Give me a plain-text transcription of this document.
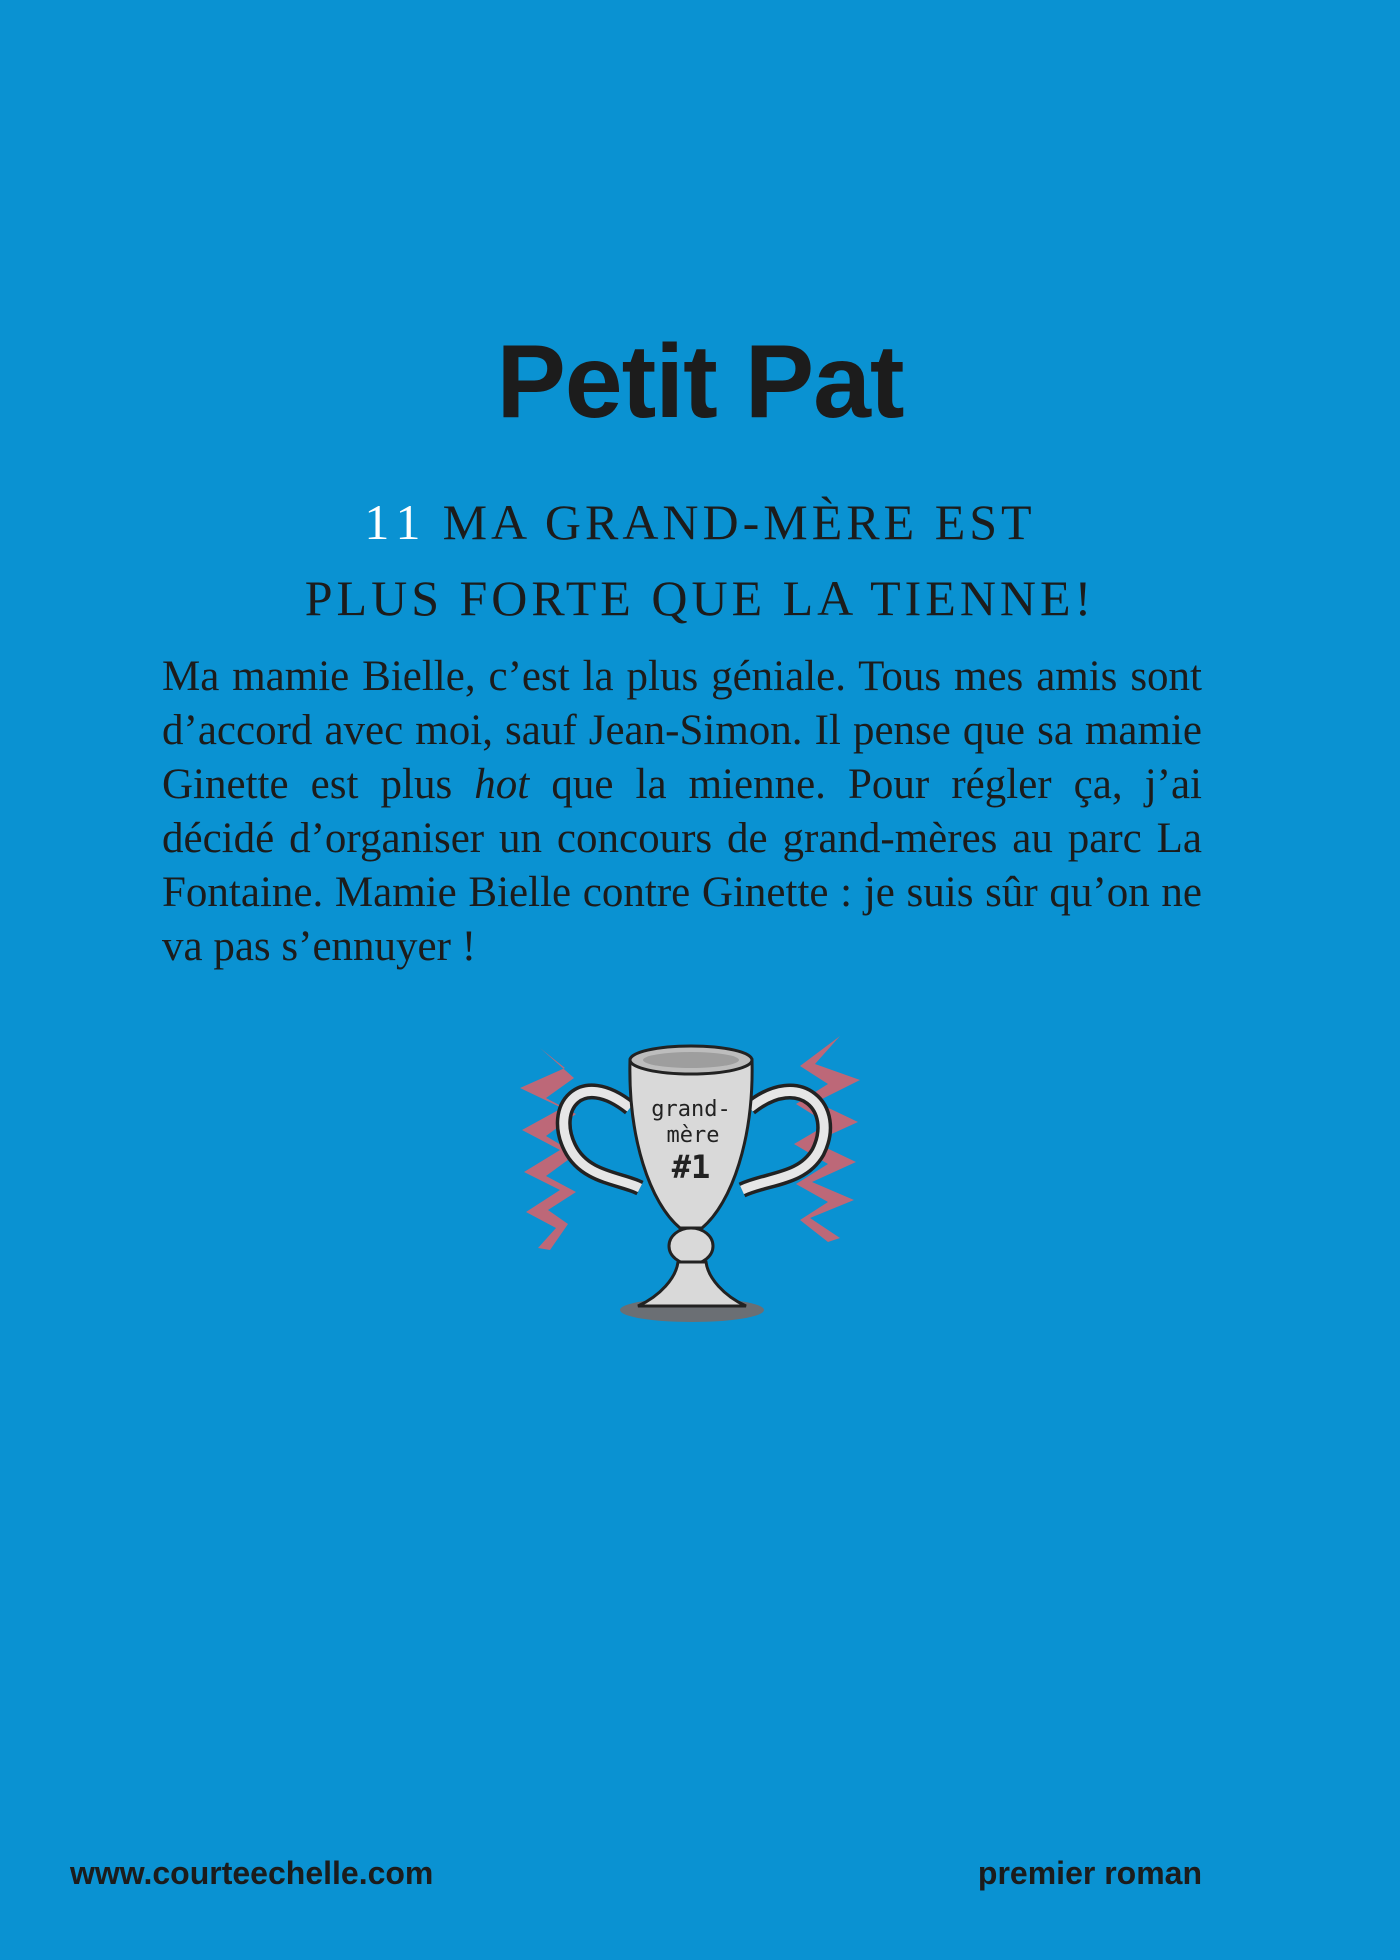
Petit Pat
11 MA GRAND-MÈRE EST
PLUS FORTE QUE LA TIENNE!

Ma mamie Bielle, c’est la plus géniale. Tous mes amis sont d’accord avec moi, sauf Jean-Simon. Il pense que sa mamie Ginette est plus hot que la mienne. Pour régler ça, j’ai décidé d’organiser un concours de grand-mères au parc La Fontaine. Mamie Bielle contre Ginette : je suis sûr qu’on ne va pas s’ennuyer !

grand-
mère
#1
www.courteechelle.com	premier roman
